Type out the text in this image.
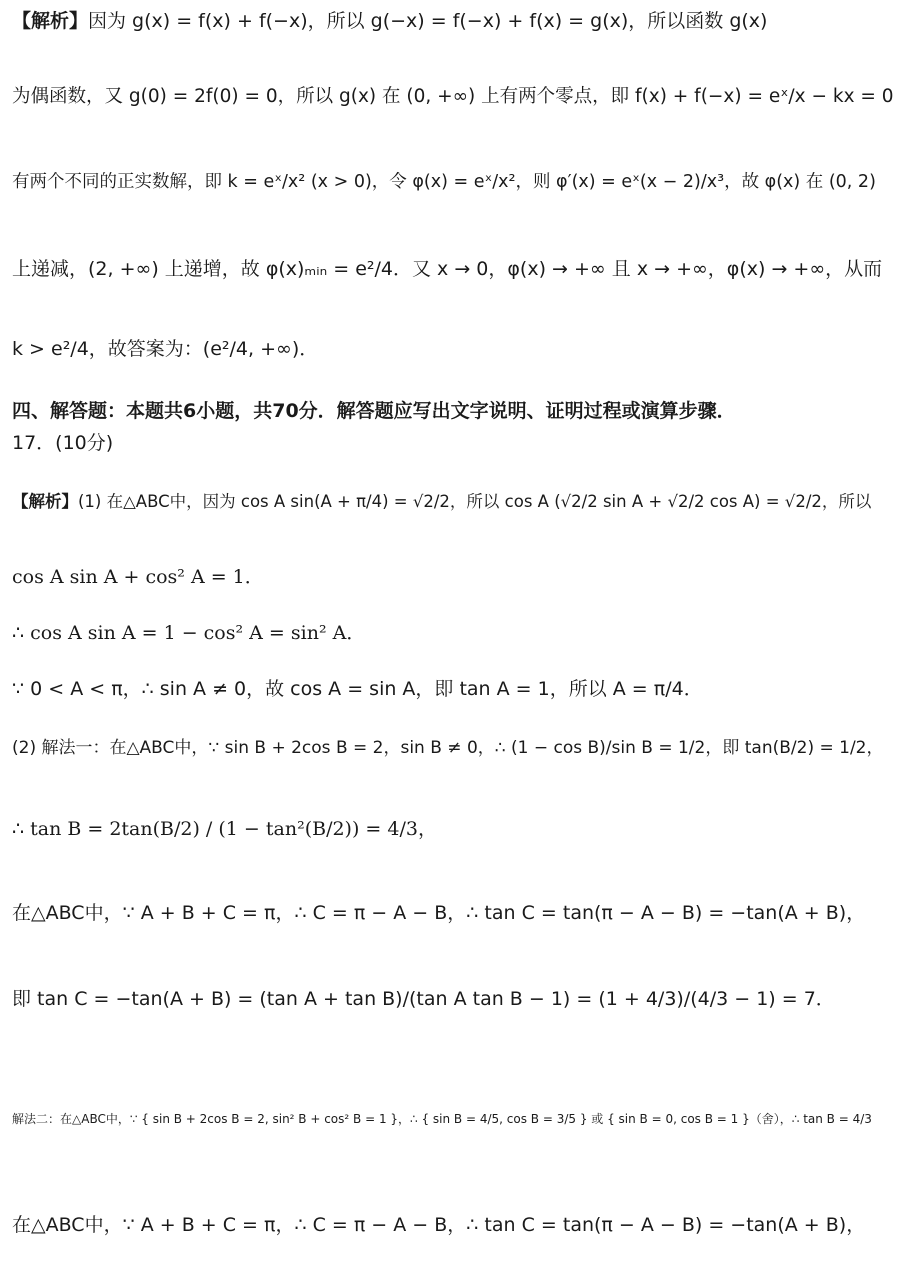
【解析】 因为 g(x) = f(x) + f(−x)，所以 g(−x) = f(−x) + f(x) = g(x)，所以函数 g(x)
为偶函数，又 g(0) = 2f(0) = 0，所以 g(x) 在 (0, +∞) 上有两个零点，即 f(x) + f(−x) = eˣ/x − kx = 0
有两个不同的正实数解，即 k = eˣ/x² (x > 0)，令 φ(x) = eˣ/x²，则 φ′(x) = eˣ(x − 2)/x³，故 φ(x) 在 (0, 2)
上递减，(2, +∞) 上递增，故 φ(x)ₘᵢₙ = e²/4．又 x → 0，φ(x) → +∞ 且 x → +∞，φ(x) → +∞，从而
k > e²/4，故答案为：(e²/4, +∞)．
四、解答题：本题共6小题，共70分．解答题应写出文字说明、证明过程或演算步骤．
17．(10分)
【解析】 (1) 在△ABC中，因为 cos A sin(A + π/4) = √2/2，所以 cos A (√2/2 sin A + √2/2 cos A) = √2/2，所以
cos A sin A + cos² A = 1．
∴ cos A sin A = 1 − cos² A = sin² A．
∵ 0 < A < π，∴ sin A ≠ 0，故 cos A = sin A，即 tan A = 1，所以 A = π/4．
(2) 解法一：在△ABC中，∵ sin B + 2cos B = 2，sin B ≠ 0，∴ (1 − cos B)/sin B = 1/2，即 tan(B/2) = 1/2，
∴ tan B = 2tan(B/2) / (1 − tan²(B/2)) = 4/3，
在△ABC中，∵ A + B + C = π，∴ C = π − A − B，∴ tan C = tan(π − A − B) = −tan(A + B)，
即 tan C = −tan(A + B) = (tan A + tan B)/(tan A tan B − 1) = (1 + 4/3)/(4/3 − 1) = 7．
解法二：在△ABC中，∵ { sin B + 2cos B = 2, sin² B + cos² B = 1 }，∴ { sin B = 4/5, cos B = 3/5 } 或 { sin B = 0, cos B = 1 }（舍），∴ tan B = 4/3
在△ABC中，∵ A + B + C = π，∴ C = π − A − B，∴ tan C = tan(π − A − B) = −tan(A + B)，
